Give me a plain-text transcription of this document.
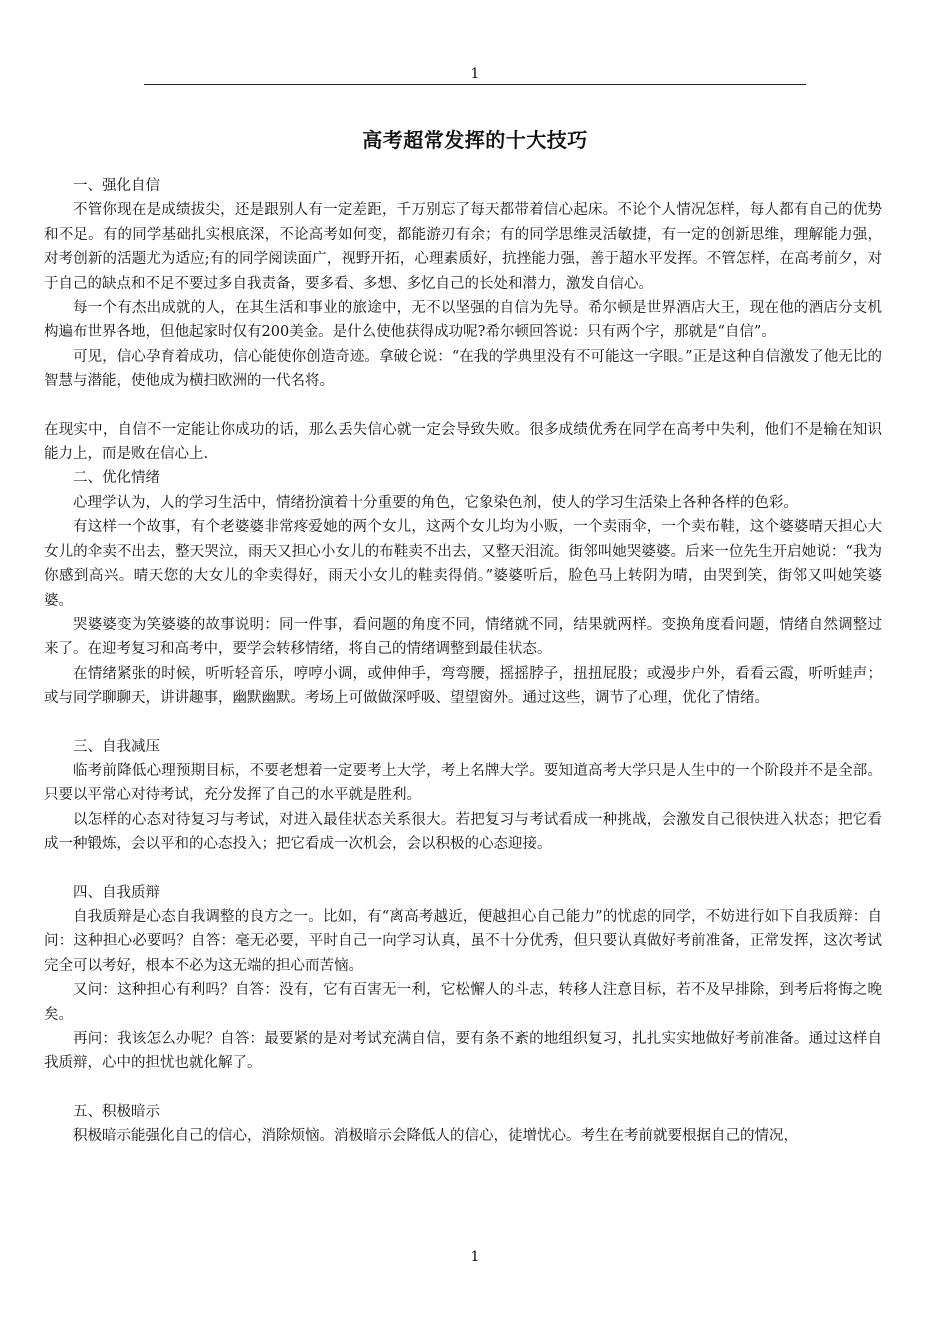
1
高考超常发挥的十大技巧

一、强化自信

不管你现在是成绩拔尖，还是跟别人有一定差距，千万别忘了每天都带着信心起床。不论个人情况怎样，每人都有自己的优势和不足。有的同学基础扎实根底深，不论高考如何变，都能游刃有余；有的同学思维灵活敏捷，有一定的创新思维，理解能力强，对考创新的活题尤为适应;有的同学阅读面广，视野开拓，心理素质好，抗挫能力强，善于超水平发挥。不管怎样，在高考前夕，对于自己的缺点和不足不要过多自我责备，要多看、多想、多忆自己的长处和潜力，激发自信心。

每一个有杰出成就的人，在其生活和事业的旅途中，无不以坚强的自信为先导。希尔顿是世界酒店大王，现在他的酒店分支机构遍布世界各地，但他起家时仅有200美金。是什么使他获得成功呢?希尔顿回答说：只有两个字，那就是“自信”。

可见，信心孕育着成功，信心能使你创造奇迹。拿破仑说：“在我的学典里没有不可能这一字眼。”正是这种自信激发了他无比的智慧与潜能，使他成为横扫欧洲的一代名将。

在现实中，自信不一定能让你成功的话，那么丢失信心就一定会导致失败。很多成绩优秀在同学在高考中失利，他们不是输在知识能力上，而是败在信心上.

二、优化情绪

心理学认为，人的学习生活中，情绪扮演着十分重要的角色，它象染色剂，使人的学习生活染上各种各样的色彩。

有这样一个故事，有个老婆婆非常疼爱她的两个女儿，这两个女儿均为小贩，一个卖雨伞，一个卖布鞋，这个婆婆晴天担心大女儿的伞卖不出去，整天哭泣，雨天又担心小女儿的布鞋卖不出去，又整天泪流。街邻叫她哭婆婆。后来一位先生开启她说：“我为你感到高兴。晴天您的大女儿的伞卖得好，雨天小女儿的鞋卖得俏。”婆婆听后，脸色马上转阴为晴，由哭到笑，街邻又叫她笑婆婆。

哭婆婆变为笑婆婆的故事说明：同一件事，看问题的角度不同，情绪就不同，结果就两样。变换角度看问题，情绪自然调整过来了。在迎考复习和高考中，要学会转移情绪，将自己的情绪调整到最佳状态。

在情绪紧张的时候，听听轻音乐，哼哼小调，或伸伸手，弯弯腰，摇摇脖子，扭扭屁股；或漫步户外，看看云霞，听听蛙声；或与同学聊聊天，讲讲趣事，幽默幽默。考场上可做做深呼吸、望望窗外。通过这些，调节了心理，优化了情绪。

三、自我减压

临考前降低心理预期目标，不要老想着一定要考上大学，考上名牌大学。要知道高考大学只是人生中的一个阶段并不是全部。只要以平常心对待考试，充分发挥了自己的水平就是胜利。

以怎样的心态对待复习与考试，对进入最佳状态关系很大。若把复习与考试看成一种挑战，会激发自己很快进入状态；把它看成一种锻炼，会以平和的心态投入；把它看成一次机会，会以积极的心态迎接。

四、自我质辩

自我质辩是心态自我调整的良方之一。比如，有“离高考越近，便越担心自己能力”的忧虑的同学，不妨进行如下自我质辩：自问：这种担心必要吗？自答：毫无必要，平时自己一向学习认真，虽不十分优秀，但只要认真做好考前准备，正常发挥，这次考试完全可以考好，根本不必为这无端的担心而苦恼。

又问：这种担心有利吗？自答：没有，它有百害无一利，它松懈人的斗志，转移人注意目标，若不及早排除，到考后将悔之晚矣。

再问：我该怎么办呢？自答：最要紧的是对考试充满自信，要有条不紊的地组织复习，扎扎实实地做好考前准备。通过这样自我质辩，心中的担忧也就化解了。

五、积极暗示

积极暗示能强化自己的信心，消除烦恼。消极暗示会降低人的信心，徒增忧心。考生在考前就要根据自己的情况，

1
